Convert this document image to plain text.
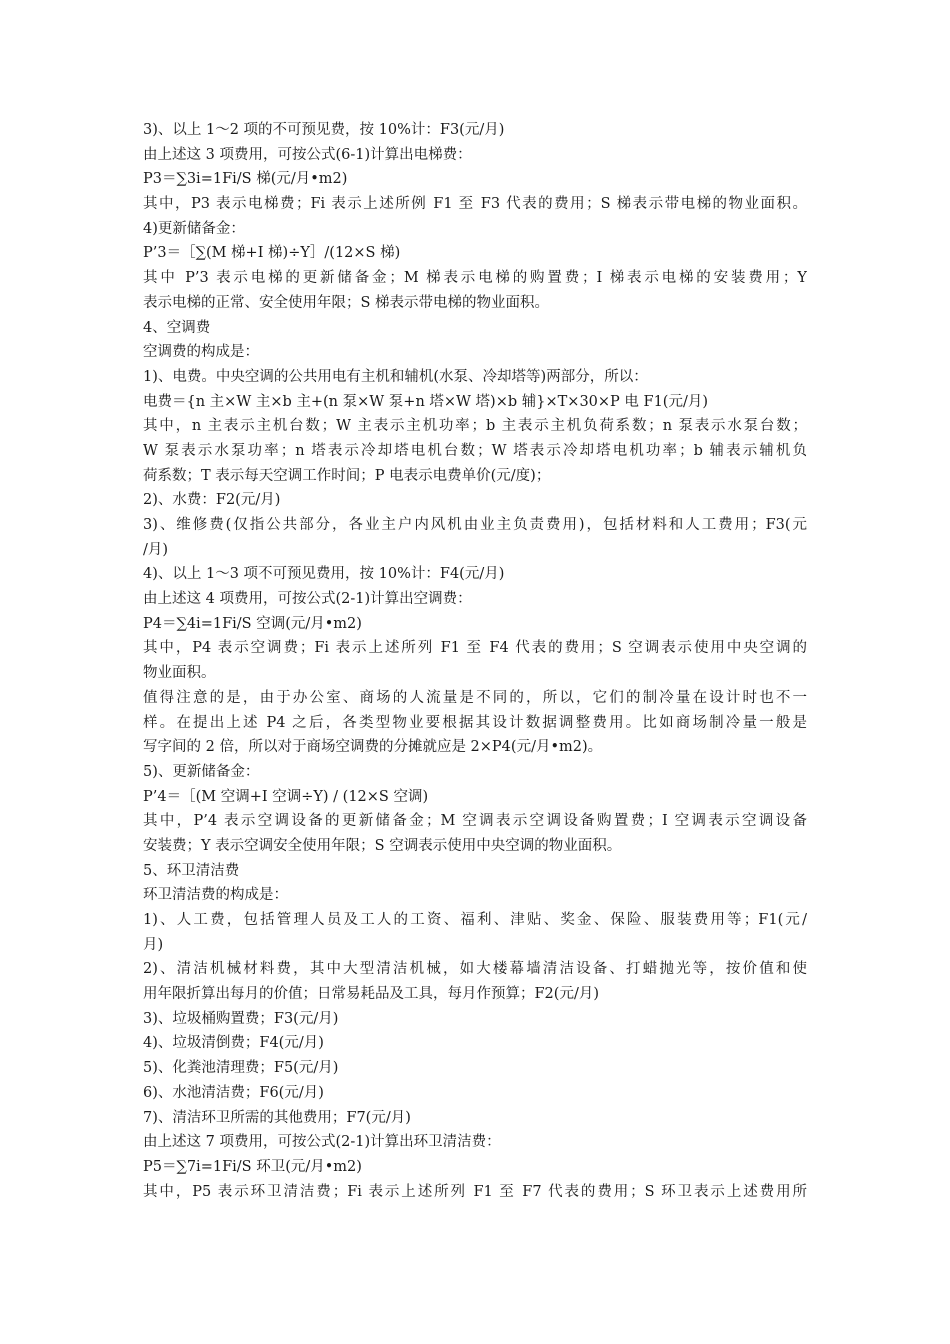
3)、以上 1～2 项的不可预见费，按 10%计：F3(元/月)
由上述这 3 项费用，可按公式(6-1)计算出电梯费：
P3＝∑3i=1Fi/S 梯(元/月•m2)
其中，P3 表示电梯费；Fi 表示上述所例 F1 至 F3 代表的费用；S 梯表示带电梯的物业面积。
4)更新储备金：
P’3＝［∑(M 梯+I 梯)÷Y］/(12×S 梯)
其中 P’3 表示电梯的更新储备金；M 梯表示电梯的购置费；I 梯表示电梯的安装费用；Y
表示电梯的正常、安全使用年限；S 梯表示带电梯的物业面积。
4、空调费
空调费的构成是：
1)、电费。中央空调的公共用电有主机和辅机(水泵、冷却塔等)两部分，所以：
电费＝{n 主×W 主×b 主+(n 泵×W 泵+n 塔×W 塔)×b 辅}×T×30×P 电 F1(元/月)
其中，n 主表示主机台数；W 主表示主机功率；b 主表示主机负荷系数；n 泵表示水泵台数；
W 泵表示水泵功率；n 塔表示冷却塔电机台数；W 塔表示冷却塔电机功率；b 辅表示辅机负
荷系数；T 表示每天空调工作时间；P 电表示电费单价(元/度)；
2)、水费：F2(元/月)
3)、维修费(仅指公共部分，各业主户内风机由业主负责费用)，包括材料和人工费用；F3(元
/月)
4)、以上 1～3 项不可预见费用，按 10%计：F4(元/月)
由上述这 4 项费用，可按公式(2-1)计算出空调费：
P4＝∑4i=1Fi/S 空调(元/月•m2)
其中，P4 表示空调费；Fi 表示上述所列 F1 至 F4 代表的费用；S 空调表示使用中央空调的
物业面积。
值得注意的是，由于办公室、商场的人流量是不同的，所以，它们的制冷量在设计时也不一
样。在提出上述 P4 之后，各类型物业要根据其设计数据调整费用。比如商场制冷量一般是
写字间的 2 倍，所以对于商场空调费的分摊就应是 2×P4(元/月•m2)。
5)、更新储备金：
P’4＝［(M 空调+I 空调÷Y) / (12×S 空调)
其中，P’4 表示空调设备的更新储备金；M 空调表示空调设备购置费；I 空调表示空调设备
安装费；Y 表示空调安全使用年限；S 空调表示使用中央空调的物业面积。
5、环卫清洁费
环卫清洁费的构成是：
1)、人工费，包括管理人员及工人的工资、福利、津贴、奖金、保险、服装费用等；F1(元/
月)
2)、清洁机械材料费，其中大型清洁机械，如大楼幕墙清洁设备、打蜡抛光等，按价值和使
用年限折算出每月的价值；日常易耗品及工具，每月作预算；F2(元/月)
3)、垃圾桶购置费；F3(元/月)
4)、垃圾清倒费；F4(元/月)
5)、化粪池清理费；F5(元/月)
6)、水池清洁费；F6(元/月)
7)、清洁环卫所需的其他费用；F7(元/月)
由上述这 7 项费用，可按公式(2-1)计算出环卫清洁费：
P5＝∑7i=1Fi/S 环卫(元/月•m2)
其中，P5 表示环卫清洁费；Fi 表示上述所列 F1 至 F7 代表的费用；S 环卫表示上述费用所
